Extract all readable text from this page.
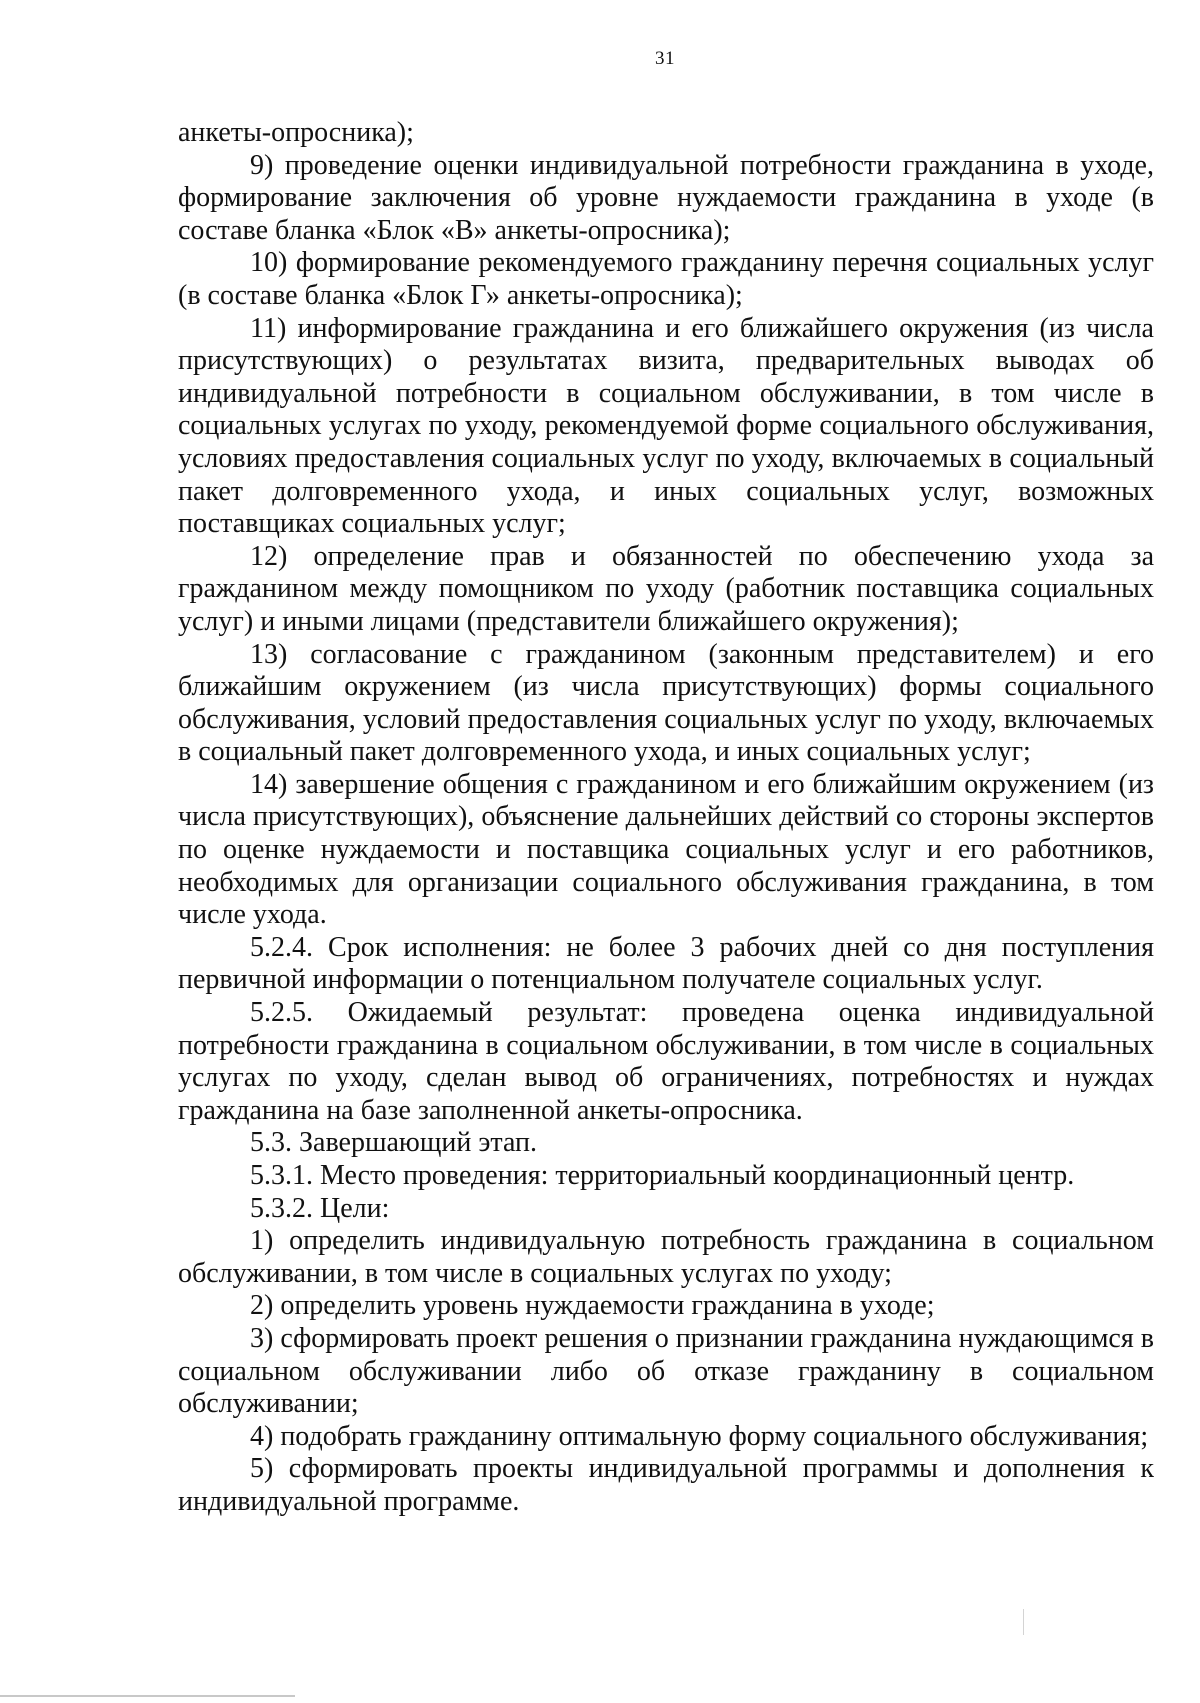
31

анкеты-опросника);

9) проведение оценки индивидуальной потребности гражданина в уходе, формирование заключения об уровне нуждаемости гражданина в уходе (в составе бланка «Блок «В» анкеты-опросника);

10) формирование рекомендуемого гражданину перечня социальных услуг (в составе бланка «Блок Г» анкеты-опросника);

11) информирование гражданина и его ближайшего окружения (из числа присутствующих) о результатах визита, предварительных выводах об индивидуальной потребности в социальном обслуживании, в том числе в социальных услугах по уходу, рекомендуемой форме социального обслуживания, условиях предоставления социальных услуг по уходу, включаемых в социальный пакет долговременного ухода, и иных социальных услуг, возможных поставщиках социальных услуг;

12) определение прав и обязанностей по обеспечению ухода за гражданином между помощником по уходу (работник поставщика социальных услуг) и иными лицами (представители ближайшего окружения);

13) согласование с гражданином (законным представителем) и его ближайшим окружением (из числа присутствующих) формы социального обслуживания, условий предоставления социальных услуг по уходу, включаемых в социальный пакет долговременного ухода, и иных социальных услуг;

14) завершение общения с гражданином и его ближайшим окружением (из числа присутствующих), объяснение дальнейших действий со стороны экспертов по оценке нуждаемости и поставщика социальных услуг и его работников, необходимых для организации социального обслуживания гражданина, в том числе ухода.

5.2.4. Срок исполнения: не более 3 рабочих дней со дня поступления первичной информации о потенциальном получателе социальных услуг.

5.2.5. Ожидаемый результат: проведена оценка индивидуальной потребности гражданина в социальном обслуживании, в том числе в социальных услугах по уходу, сделан вывод об ограничениях, потребностях и нуждах гражданина на базе заполненной анкеты-опросника.

5.3. Завершающий этап.

5.3.1. Место проведения: территориальный координационный центр.

5.3.2. Цели:

1) определить индивидуальную потребность гражданина в социальном обслуживании, в том числе в социальных услугах по уходу;

2) определить уровень нуждаемости гражданина в уходе;

3) сформировать проект решения о признании гражданина нуждающимся в социальном обслуживании либо об отказе гражданину в социальном обслуживании;

4) подобрать гражданину оптимальную форму социального обслуживания;

5) сформировать проекты индивидуальной программы и дополнения к индивидуальной программе.
